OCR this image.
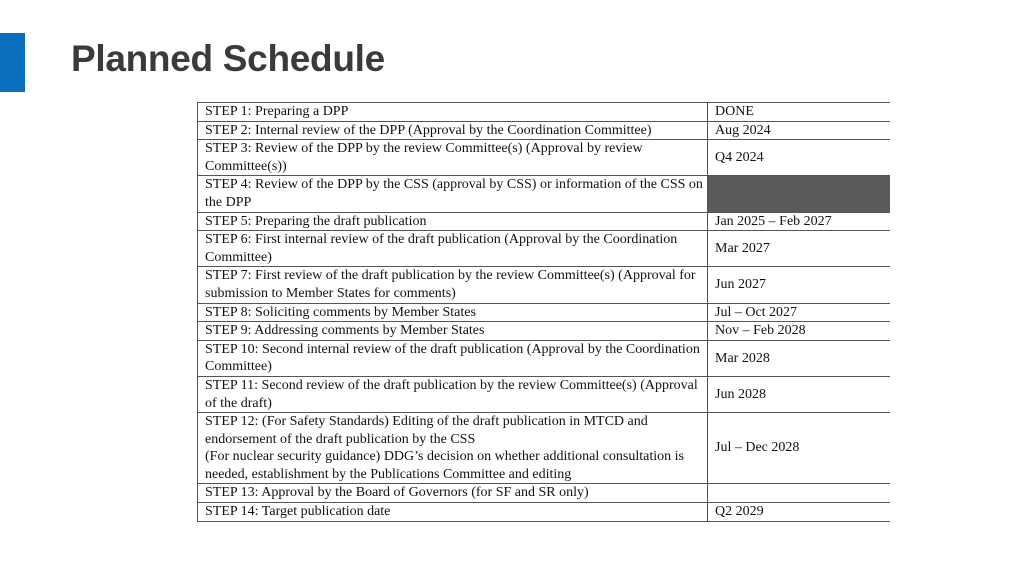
Planned Schedule
STEP 1: Preparing a DPP	DONE
STEP 2: Internal review of the DPP (Approval by the Coordination Committee)	Aug 2024
STEP 3: Review of the DPP by the review Committee(s) (Approval by review Committee(s))	Q4 2024
STEP 4: Review of the DPP by the CSS (approval by CSS) or information of the CSS on the DPP	
STEP 5: Preparing the draft publication	Jan 2025 – Feb 2027
STEP 6: First internal review of the draft publication (Approval by the Coordination Committee)	Mar 2027
STEP 7: First review of the draft publication by the review Committee(s) (Approval for submission to Member States for comments)	Jun 2027
STEP 8: Soliciting comments by Member States	Jul – Oct 2027
STEP 9: Addressing comments by Member States	Nov – Feb 2028
STEP 10: Second internal review of the draft publication (Approval by the Coordination Committee)	Mar 2028
STEP 11: Second review of the draft publication by the review Committee(s) (Approval of the draft)	Jun 2028
STEP 12: (For Safety Standards) Editing of the draft publication in MTCD and endorsement of the draft publication by the CSS
(For nuclear security guidance) DDG’s decision on whether additional consultation is needed, establishment by the Publications Committee and editing	Jul – Dec 2028
STEP 13: Approval by the Board of Governors (for SF and SR only)	
STEP 14: Target publication date	Q2 2029
